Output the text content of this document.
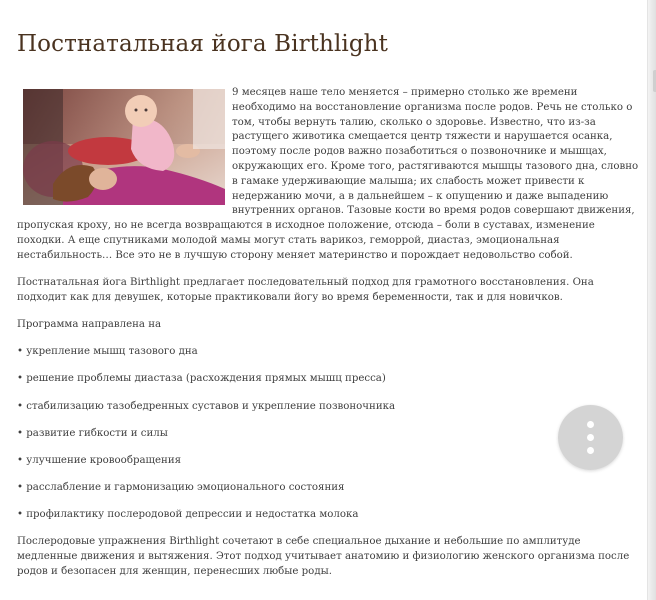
Постнатальная йога Birthlight

9 месяцев наше тело меняется – примерно столько же времени необходимо на восстановление организма после родов. Речь не столько о том, чтобы вернуть талию, сколько о здоровье. Известно, что из-за растущего животика смещается центр тяжести и нарушается осанка, поэтому после родов важно позаботиться о позвоночнике и мышцах, окружающих его. Кроме того, растягиваются мышцы тазового дна, словно в гамаке удерживающие малыша; их слабость может привести к недержанию мочи, а в дальнейшем – к опущению и даже выпадению внутренних органов. Тазовые кости во время родов совершают движения, пропуская кроху, но не всегда возвращаются в исходное положение, отсюда – боли в суставах, изменение походки. А еще спутниками молодой мамы могут стать варикоз, геморрой, диастаз, эмоциональная нестабильность… Все это не в лучшую сторону меняет материнство и порождает недовольство собой.

Постнатальная йога Birthlight предлагает последовательный подход для грамотного восстановления. Она подходит как для девушек, которые практиковали йогу во время беременности, так и для новичков.

Программа направлена на

• укрепление мышц тазового дна

• решение проблемы диастаза (расхождения прямых мышц пресса)

• стабилизацию тазобедренных суставов и укрепление позвоночника

• развитие гибкости и силы

• улучшение кровообращения

• расслабление и гармонизацию эмоционального состояния

• профилактику послеродовой депрессии и недостатка молока

Послеродовые упражнения Birthlight сочетают в себе специальное дыхание и небольшие по амплитуде медленные движения и вытяжения. Этот подход учитывает анатомию и физиологию женского организма после родов и безопасен для женщин, перенесших любые роды.
